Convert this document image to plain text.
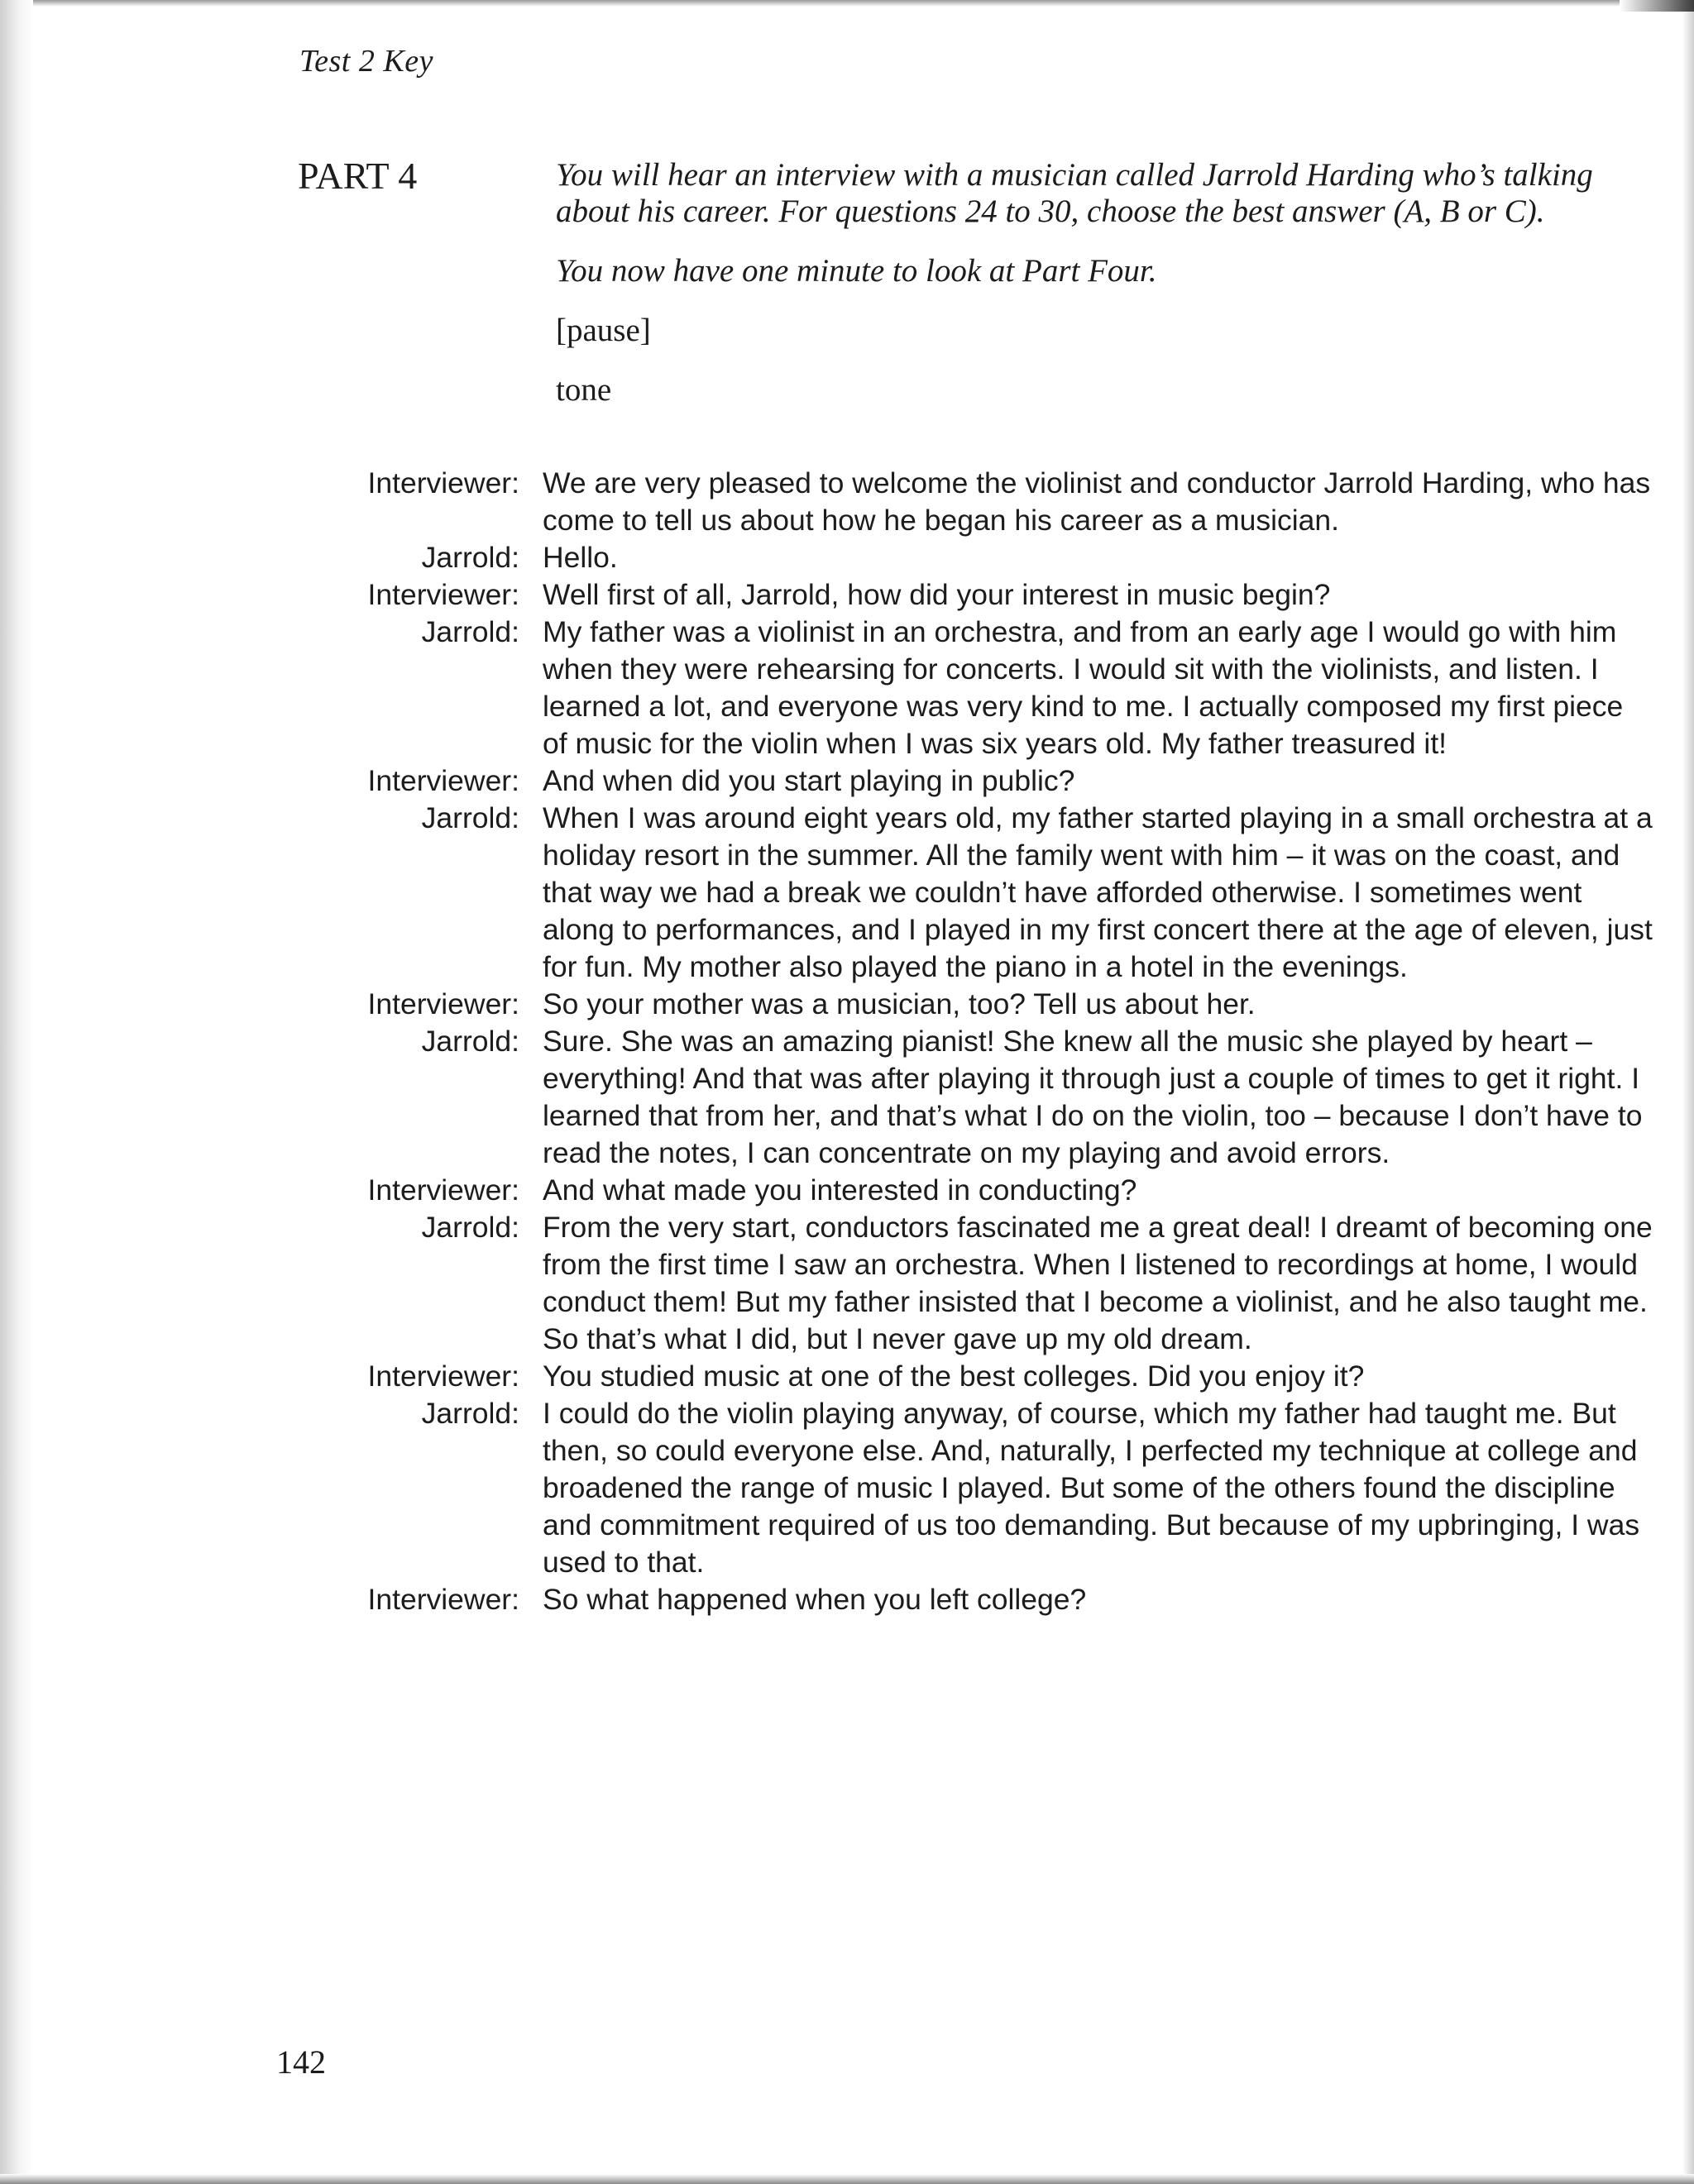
Test 2 Key
PART 4	You will hear an interview with a musician called Jarrold Harding who’s talking about his career. For questions 24 to 30, choose the best answer (A, B or C).

You now have one minute to look at Part Four.

[pause]

tone

Interviewer: We are very pleased to welcome the violinist and conductor Jarrold Harding, who has come to tell us about how he began his career as a musician.
Jarrold: Hello.
Interviewer: Well first of all, Jarrold, how did your interest in music begin?
Jarrold: My father was a violinist in an orchestra, and from an early age I would go with him when they were rehearsing for concerts. I would sit with the violinists, and listen. I learned a lot, and everyone was very kind to me. I actually composed my first piece of music for the violin when I was six years old. My father treasured it!
Interviewer: And when did you start playing in public?
Jarrold: When I was around eight years old, my father started playing in a small orchestra at a holiday resort in the summer. All the family went with him – it was on the coast, and that way we had a break we couldn’t have afforded otherwise. I sometimes went along to performances, and I played in my first concert there at the age of eleven, just for fun. My mother also played the piano in a hotel in the evenings.
Interviewer: So your mother was a musician, too? Tell us about her.
Jarrold: Sure. She was an amazing pianist! She knew all the music she played by heart – everything! And that was after playing it through just a couple of times to get it right. I learned that from her, and that’s what I do on the violin, too – because I don’t have to read the notes, I can concentrate on my playing and avoid errors.
Interviewer: And what made you interested in conducting?
Jarrold: From the very start, conductors fascinated me a great deal! I dreamt of becoming one from the first time I saw an orchestra. When I listened to recordings at home, I would conduct them! But my father insisted that I become a violinist, and he also taught me. So that’s what I did, but I never gave up my old dream.
Interviewer: You studied music at one of the best colleges. Did you enjoy it?
Jarrold: I could do the violin playing anyway, of course, which my father had taught me. But then, so could everyone else. And, naturally, I perfected my technique at college and broadened the range of music I played. But some of the others found the discipline and commitment required of us too demanding. But because of my upbringing, I was used to that.
Interviewer: So what happened when you left college?
142
